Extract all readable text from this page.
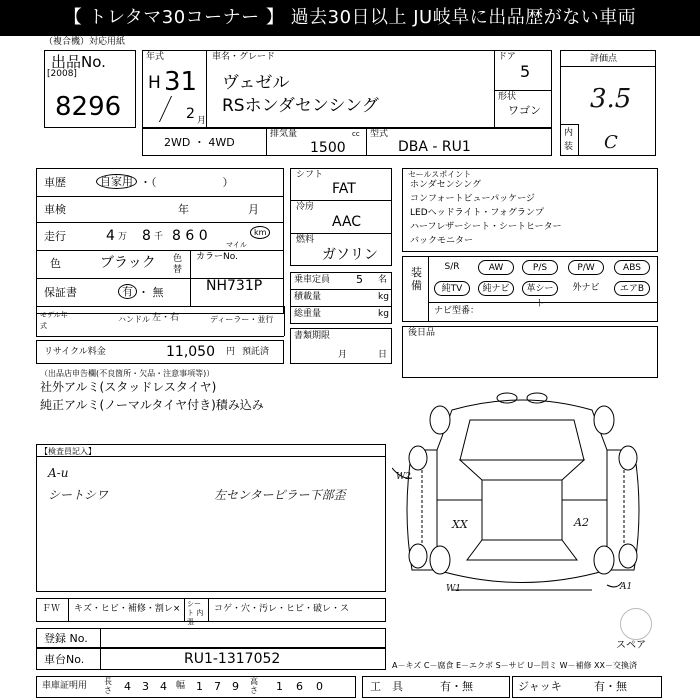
【 トレタマ30コーナー 】 過去30日以上 JU岐阜に出品歴がない車両
（複合機）対応用紙
出品No.
[2008]
8296
年式
H 31
2 月
車名・グレード
ヴェゼル
RSホンダセンシング
ドア
5
形状
ワゴン
2WD ・ 4WD
排気量	cc
1500
型式
DBA - RU1
評価点
3.5
内
装 C
車歴	自家用 ・（　　　　　　）
車検	年	月
走行	4 万 8 千 8 6 0	km
マイル
色	ブラック 色替
保証書	有 ・ 無
カラーNo.
NH731P
モデル年式
ハンドル 左・右	ディーラー・並行
リサイクル料金	11,050 円 預託済
シフト
FAT
冷房
AAC
燃料
ガソリン
乗車定員 5 名
積載量	kg
総重量	kg
書類期限
月	日
セールスポイント
ホンダセンシング
コンフォートビューパッケージ
LEDヘッドライト・フォグランプ
ハーフレザーシート・シートヒーター
バックモニター
装備
S/R	AW	P/S	P/W	ABS
純TV	純ナビ	革シート
外ナビ	エアB
ナビ型番：
後日品
（出品店申告欄(不良箇所・欠品・注意事項等)）
社外アルミ(スタッドレスタイヤ)
純正アルミ(ノーマルタイヤ付き)積み込み
【検査員記入】
A-u
シートシワ	左センターピラー下部歪
W2
XX	A2
W1	A1
スペア
ＦＷ キズ・ヒビ・補修・割レ× シート 内張
コゲ・穴・汚レ・ヒビ・破レ・ス
登録 No.
車台No.	RU1-1317052	A－キズ C－腐食 E－エクボ S－サビ U－凹ミ W－補修 XX－交換済
車庫証明用 長さ 4 3 4 幅 1 7 9 高さ 1 6 0	工　具	有・無	ジャッキ	有・無
